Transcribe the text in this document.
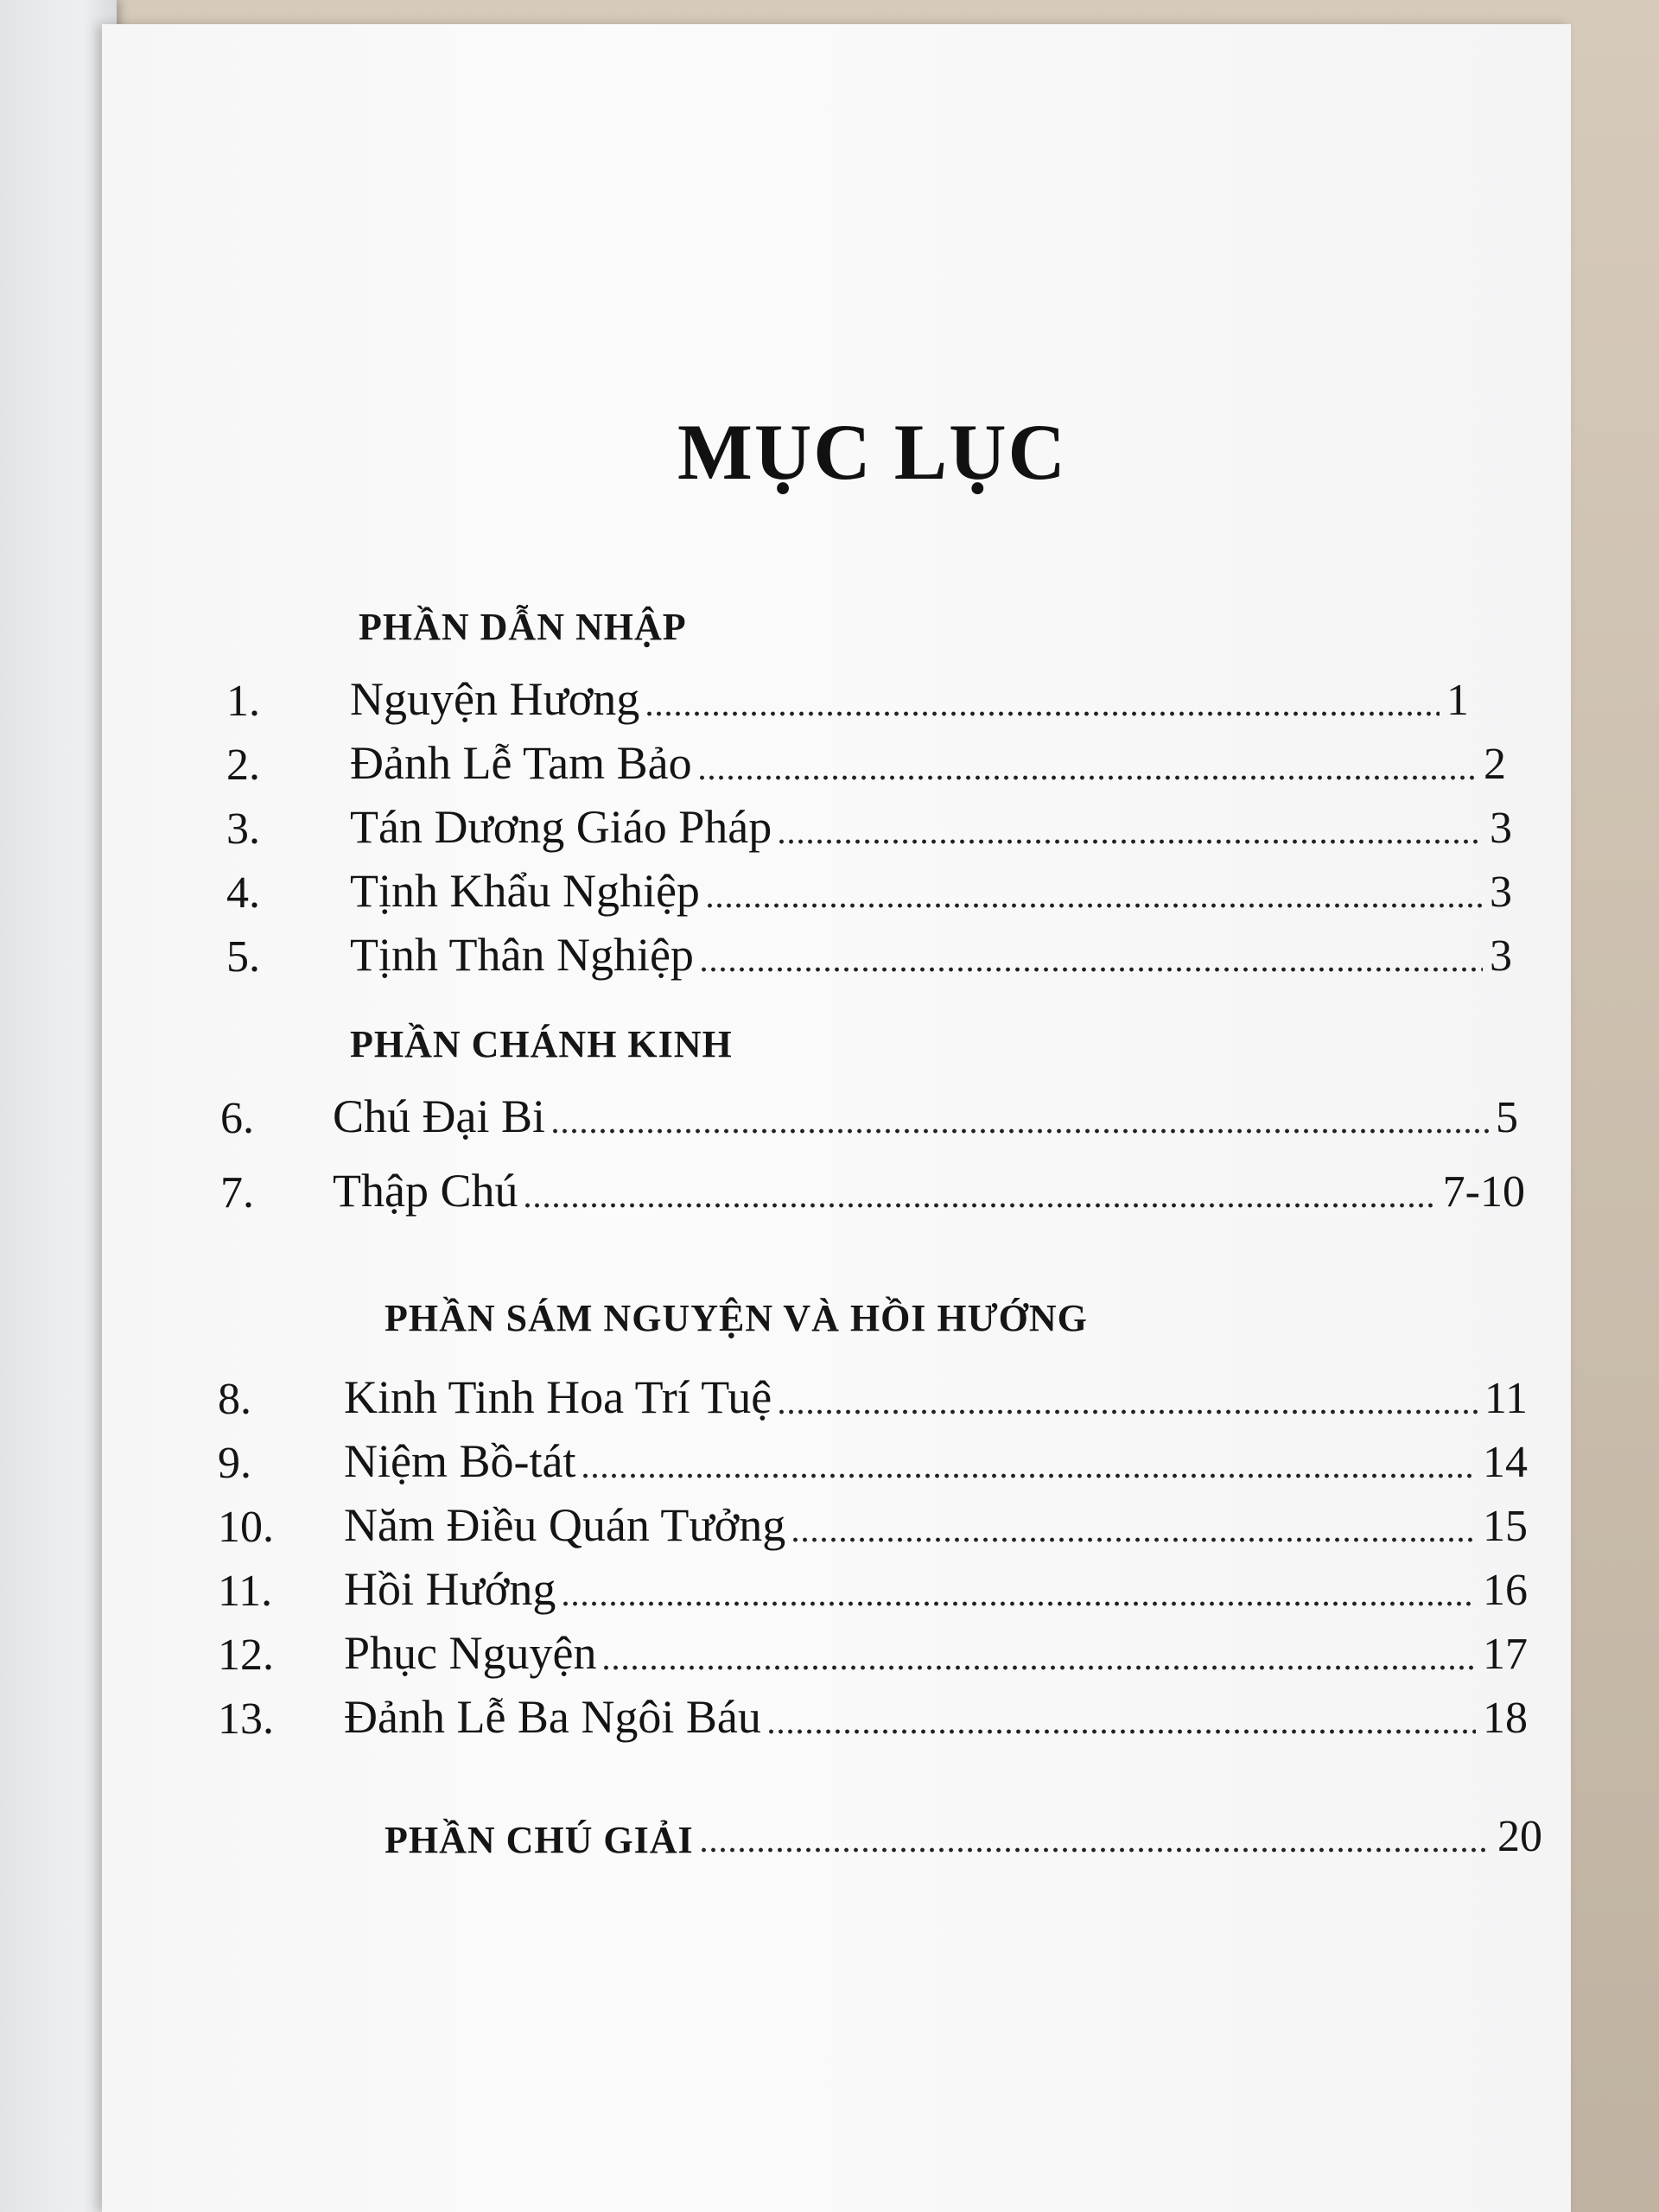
MỤC LỤC
PHẦN DẪN NHẬP
1. Nguyện Hương	1
2. Đảnh Lễ Tam Bảo	2
3. Tán Dương Giáo Pháp	3
4. Tịnh Khẩu Nghiệp	3
5. Tịnh Thân Nghiệp	3
PHẦN CHÁNH KINH
6. Chú Đại Bi	5
7. Thập Chú	7-10
PHẦN SÁM NGUYỆN VÀ HỒI HƯỚNG
8. Kinh Tinh Hoa Trí Tuệ	11
9. Niệm Bồ-tát	14
10. Năm Điều Quán Tưởng	15
11. Hồi Hướng	16
12. Phục Nguyện	17
13. Đảnh Lễ Ba Ngôi Báu	18
PHẦN CHÚ GIẢI	20
